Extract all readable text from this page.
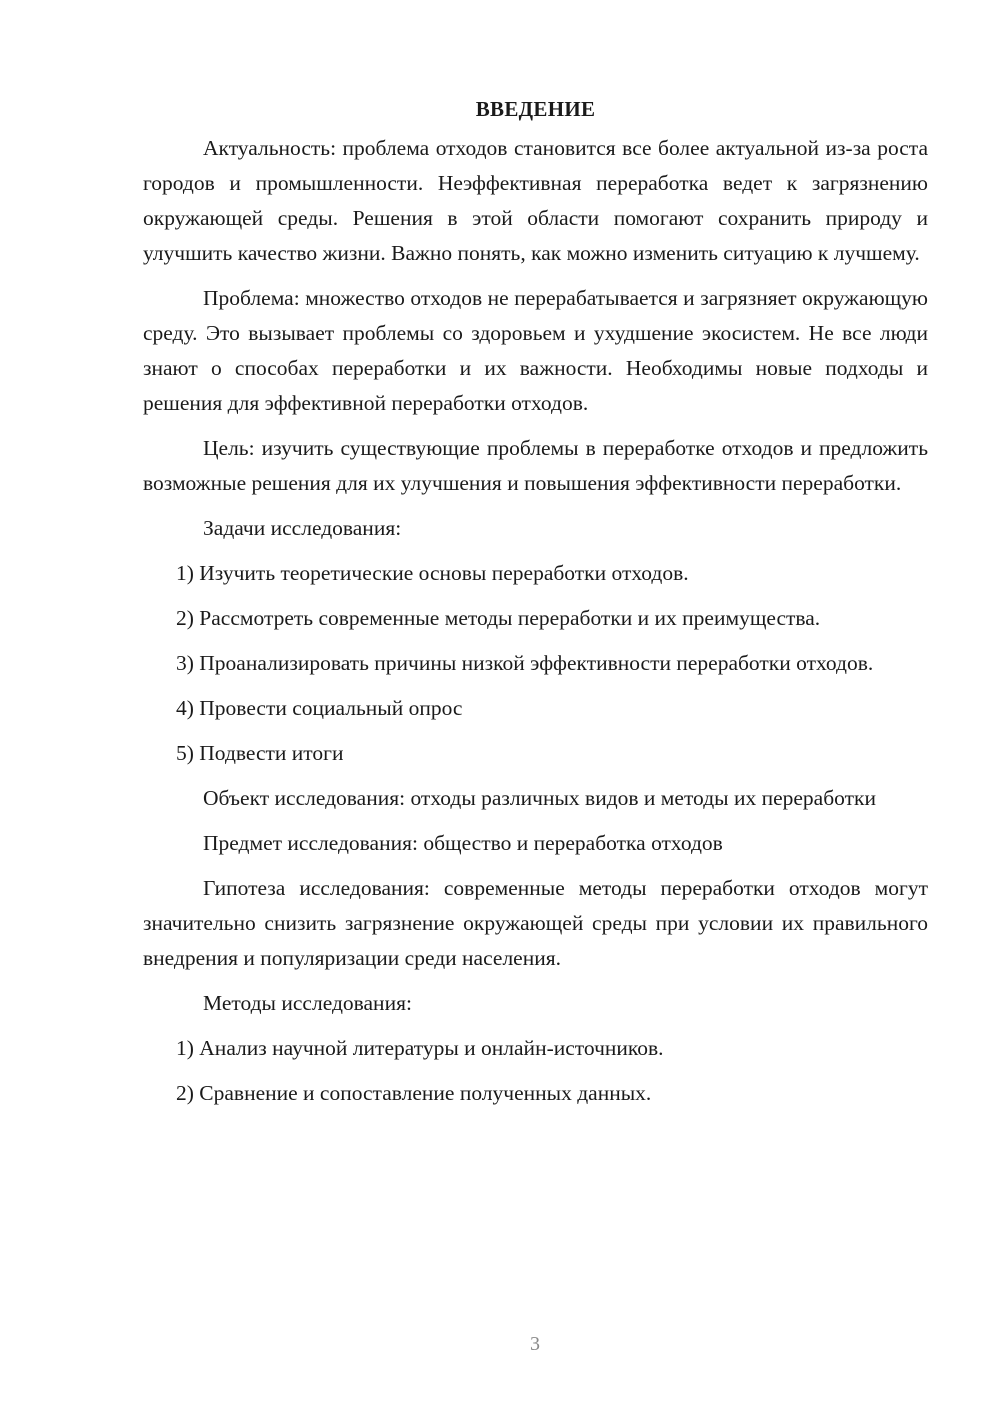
ВВЕДЕНИЕ

Актуальность: проблема отходов становится все более актуальной из-за роста городов и промышленности. Неэффективная переработка ведет к загрязнению окружающей среды. Решения в этой области помогают сохранить природу и улучшить качество жизни. Важно понять, как можно изменить ситуацию к лучшему.

Проблема: множество отходов не перерабатывается и загрязняет окружающую среду. Это вызывает проблемы со здоровьем и ухудшение экосистем. Не все люди знают о способах переработки и их важности. Необходимы новые подходы и решения для эффективной переработки отходов.

Цель: изучить существующие проблемы в переработке отходов и предложить возможные решения для их улучшения и повышения эффективности переработки.

Задачи исследования:

1) Изучить теоретические основы переработки отходов.

2) Рассмотреть современные методы переработки и их преимущества.

3) Проанализировать причины низкой эффективности переработки отходов.

4) Провести социальный опрос

5) Подвести итоги

Объект исследования: отходы различных видов и методы их переработки

Предмет исследования: общество и переработка отходов

Гипотеза исследования: современные методы переработки отходов могут значительно снизить загрязнение окружающей среды при условии их правильного внедрения и популяризации среди населения.

Методы исследования:

1) Анализ научной литературы и онлайн-источников.

2) Сравнение и сопоставление полученных данных.

3
